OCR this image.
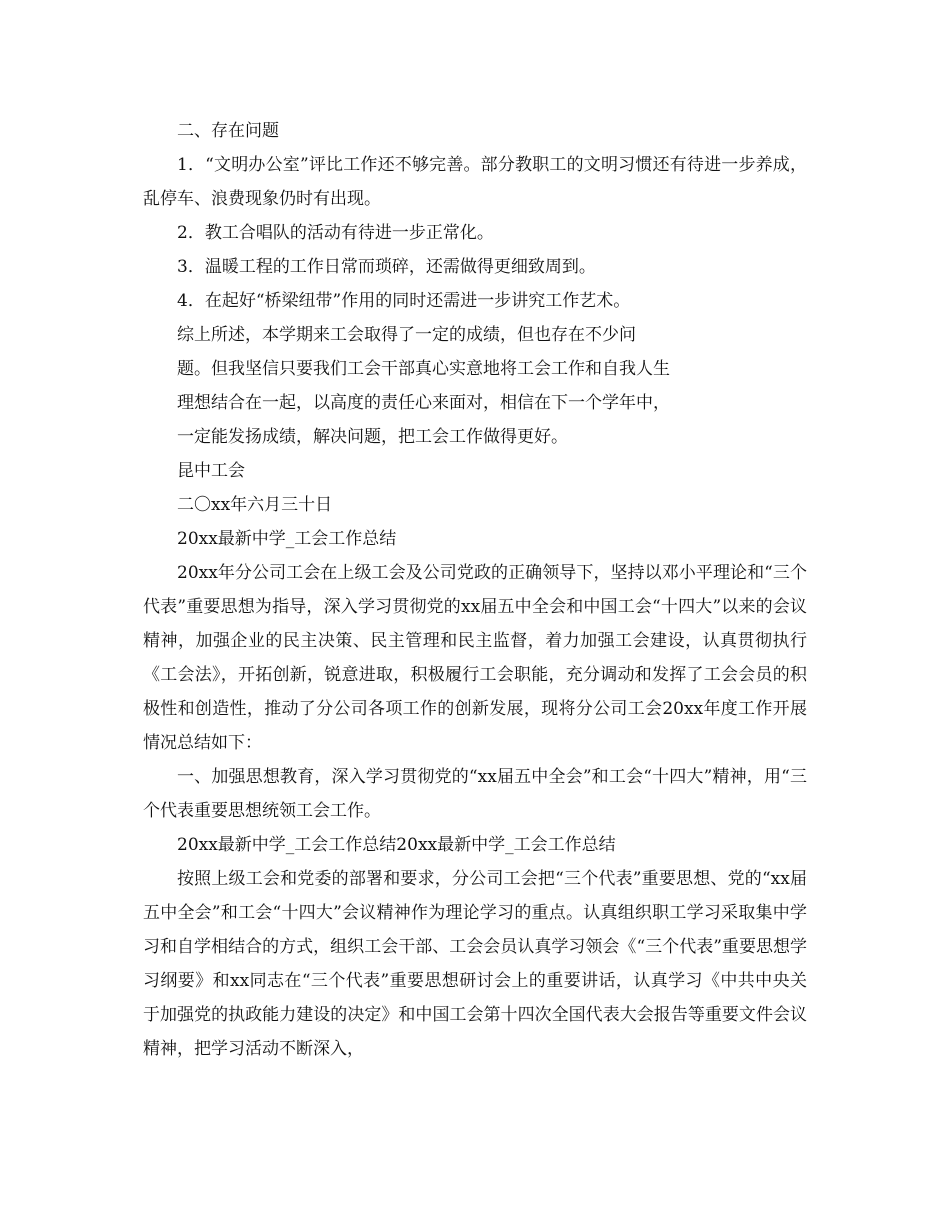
二、存在问题

1．“文明办公室”评比工作还不够完善。部分教职工的文明习惯还有待进一步养成，乱停车、浪费现象仍时有出现。

2．教工合唱队的活动有待进一步正常化。
3．温暖工程的工作日常而琐碎，还需做得更细致周到。
4．在起好“桥梁纽带”作用的同时还需进一步讲究工作艺术。
综上所述，本学期来工会取得了一定的成绩，但也存在不少问
题。但我坚信只要我们工会干部真心实意地将工会工作和自我人生
理想结合在一起，以高度的责任心来面对，相信在下一个学年中，
一定能发扬成绩，解决问题，把工会工作做得更好。
昆中工会
二〇xx年六月三十日
20xx最新中学_工会工作总结

20xx年分公司工会在上级工会及公司党政的正确领导下，坚持以邓小平理论和“三个代表”重要思想为指导，深入学习贯彻党的xx届五中全会和中国工会“十四大”以来的会议精神，加强企业的民主决策、民主管理和民主监督，着力加强工会建设，认真贯彻执行《工会法》，开拓创新，锐意进取，积极履行工会职能，充分调动和发挥了工会会员的积极性和创造性，推动了分公司各项工作的创新发展，现将分公司工会20xx年度工作开展情况总结如下：

一、加强思想教育，深入学习贯彻党的“xx届五中全会”和工会“十四大”精神，用“三个代表重要思想统领工会工作。

20xx最新中学_工会工作总结20xx最新中学_工会工作总结

按照上级工会和党委的部署和要求，分公司工会把“三个代表”重要思想、党的“xx届五中全会”和工会“十四大”会议精神作为理论学习的重点。认真组织职工学习采取集中学习和自学相结合的方式，组织工会干部、工会会员认真学习领会《“三个代表”重要思想学习纲要》和xx同志在“三个代表”重要思想研讨会上的重要讲话，认真学习《中共中央关于加强党的执政能力建设的决定》和中国工会第十四次全国代表大会报告等重要文件会议精神，把学习活动不断深入，
